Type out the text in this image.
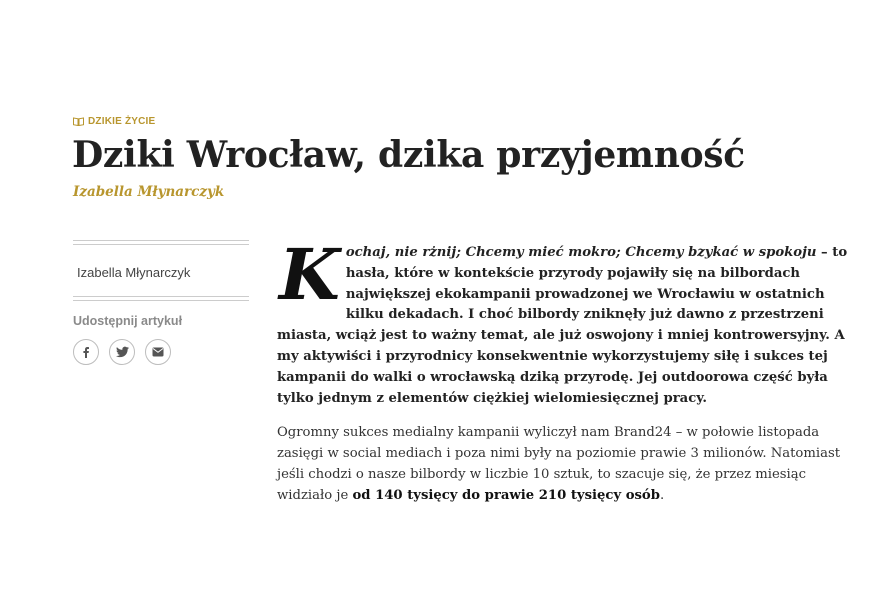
DZIKIE ŻYCIE
Dziki Wrocław, dzika przyjemność
Izabella Młynarczyk
Izabella Młynarczyk
Udostępnij artykuł

Kochaj, nie rżnij; Chcemy mieć mokro; Chcemy bzykać w spokoju – to hasła, które w kontekście przyrody pojawiły się na bilbordach największej ekokampanii prowadzonej we Wrocławiu w ostatnich kilku dekadach. I choć bilbordy zniknęły już dawno z przestrzeni miasta, wciąż jest to ważny temat, ale już oswojony i mniej kontrowersyjny. A my aktywiści i przyrodnicy konsekwentnie wykorzystujemy siłę i sukces tej kampanii do walki o wrocławską dziką przyrodę. Jej outdoorowa część była tylko jednym z elementów ciężkiej wielomiesięcznej pracy.

Ogromny sukces medialny kampanii wyliczył nam Brand24 – w połowie listopada zasięgi w social mediach i poza nimi były na poziomie prawie 3 milionów. Natomiast jeśli chodzi o nasze bilbordy w liczbie 10 sztuk, to szacuje się, że przez miesiąc widziało je od 140 tysięcy do prawie 210 tysięcy osób.
